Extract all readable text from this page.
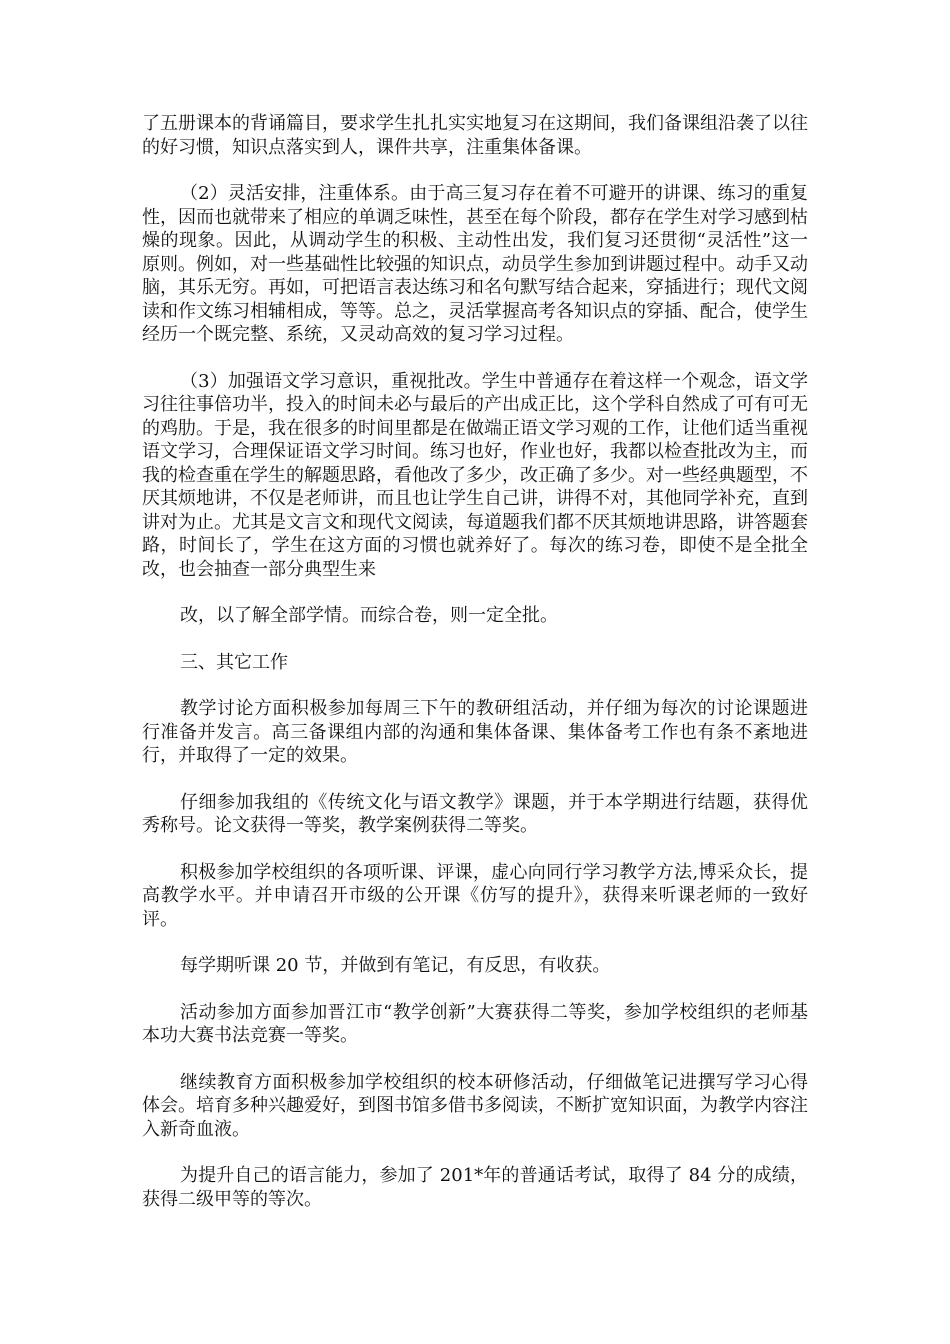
了五册课本的背诵篇目，要求学生扎扎实实地复习在这期间，我们备课组沿袭了以往的好习惯，知识点落实到人，课件共享，注重集体备课。

（2）灵活安排，注重体系。由于高三复习存在着不可避开的讲课、练习的重复性，因而也就带来了相应的单调乏味性，甚至在每个阶段，都存在学生对学习感到枯燥的现象。因此，从调动学生的积极、主动性出发，我们复习还贯彻“灵活性”这一原则。例如，对一些基础性比较强的知识点，动员学生参加到讲题过程中。动手又动脑，其乐无穷。再如，可把语言表达练习和名句默写结合起来，穿插进行；现代文阅读和作文练习相辅相成，等等。总之，灵活掌握高考各知识点的穿插、配合，使学生经历一个既完整、系统，又灵动高效的复习学习过程。

（3）加强语文学习意识，重视批改。学生中普通存在着这样一个观念，语文学习往往事倍功半，投入的时间未必与最后的产出成正比，这个学科自然成了可有可无的鸡肋。于是，我在很多的时间里都是在做端正语文学习观的工作，让他们适当重视语文学习，合理保证语文学习时间。练习也好，作业也好，我都以检查批改为主，而我的检查重在学生的解题思路，看他改了多少，改正确了多少。对一些经典题型，不厌其烦地讲，不仅是老师讲，而且也让学生自己讲，讲得不对，其他同学补充，直到讲对为止。尤其是文言文和现代文阅读，每道题我们都不厌其烦地讲思路，讲答题套路，时间长了，学生在这方面的习惯也就养好了。每次的练习卷，即使不是全批全改，也会抽查一部分典型生来

改，以了解全部学情。而综合卷，则一定全批。

三、其它工作

教学讨论方面积极参加每周三下午的教研组活动，并仔细为每次的讨论课题进行准备并发言。高三备课组内部的沟通和集体备课、集体备考工作也有条不紊地进行，并取得了一定的效果。

仔细参加我组的《传统文化与语文教学》课题，并于本学期进行结题，获得优秀称号。论文获得一等奖，教学案例获得二等奖。

积极参加学校组织的各项听课、评课，虚心向同行学习教学方法,博采众长，提高教学水平。并申请召开市级的公开课《仿写的提升》，获得来听课老师的一致好评。

每学期听课 20 节，并做到有笔记，有反思，有收获。

活动参加方面参加晋江市“教学创新”大赛获得二等奖，参加学校组织的老师基本功大赛书法竞赛一等奖。

继续教育方面积极参加学校组织的校本研修活动，仔细做笔记进撰写学习心得体会。培育多种兴趣爱好，到图书馆多借书多阅读，不断扩宽知识面，为教学内容注入新奇血液。

为提升自己的语言能力，参加了 201*年的普通话考试，取得了 84 分的成绩，获得二级甲等的等次。
